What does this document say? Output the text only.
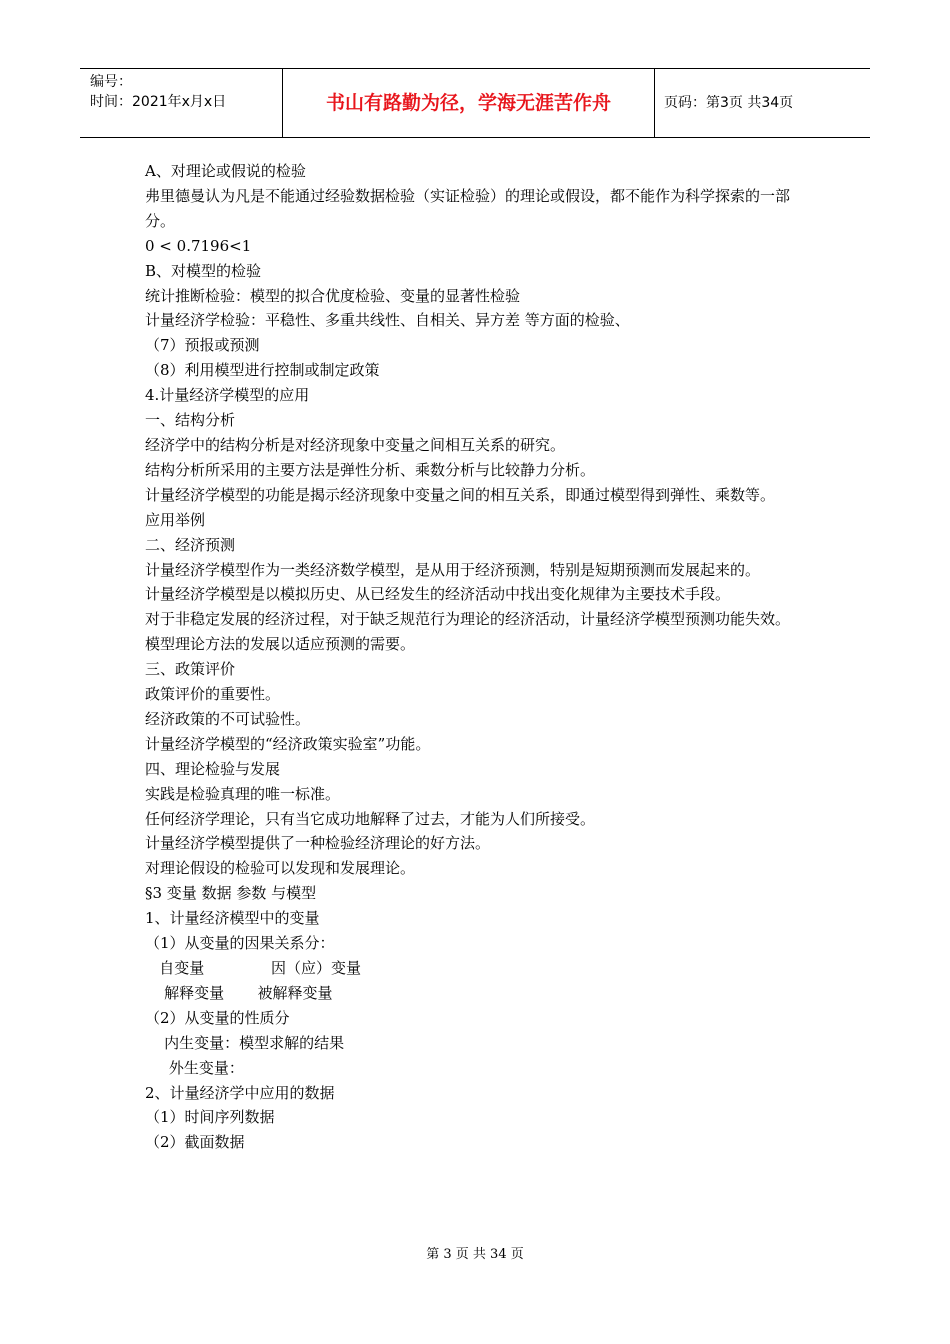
编号：
时间：2021年x月x日	书山有路勤为径，学海无涯苦作舟	页码：第3页 共34页

A、对理论或假说的检验

弗里德曼认为凡是不能通过经验数据检验（实证检验）的理论或假设，都不能作为科学探索的一部分。

0 < 0.7196<1

B、对模型的检验

统计推断检验：模型的拟合优度检验、变量的显著性检验

计量经济学检验：平稳性、多重共线性、自相关、异方差 等方面的检验、

（7）预报或预测

（8）利用模型进行控制或制定政策

4.计量经济学模型的应用

一、结构分析

经济学中的结构分析是对经济现象中变量之间相互关系的研究。

结构分析所采用的主要方法是弹性分析、乘数分析与比较静力分析。

计量经济学模型的功能是揭示经济现象中变量之间的相互关系，即通过模型得到弹性、乘数等。

应用举例

二、经济预测

计量经济学模型作为一类经济数学模型，是从用于经济预测，特别是短期预测而发展起来的。

计量经济学模型是以模拟历史、从已经发生的经济活动中找出变化规律为主要技术手段。

对于非稳定发展的经济过程，对于缺乏规范行为理论的经济活动，计量经济学模型预测功能失效。

模型理论方法的发展以适应预测的需要。

三、政策评价

政策评价的重要性。

经济政策的不可试验性。

计量经济学模型的“经济政策实验室”功能。

四、理论检验与发展

实践是检验真理的唯一标准。

任何经济学理论，只有当它成功地解释了过去，才能为人们所接受。

计量经济学模型提供了一种检验经济理论的好方法。

对理论假设的检验可以发现和发展理论。

§3 变量 数据 参数 与模型

1、计量经济模型中的变量

（1）从变量的因果关系分：

自变量              因（应）变量

解释变量       被解释变量

（2）从变量的性质分

内生变量：模型求解的结果

外生变量：

2、计量经济学中应用的数据

（1）时间序列数据

（2）截面数据

第 3 页 共 34 页
